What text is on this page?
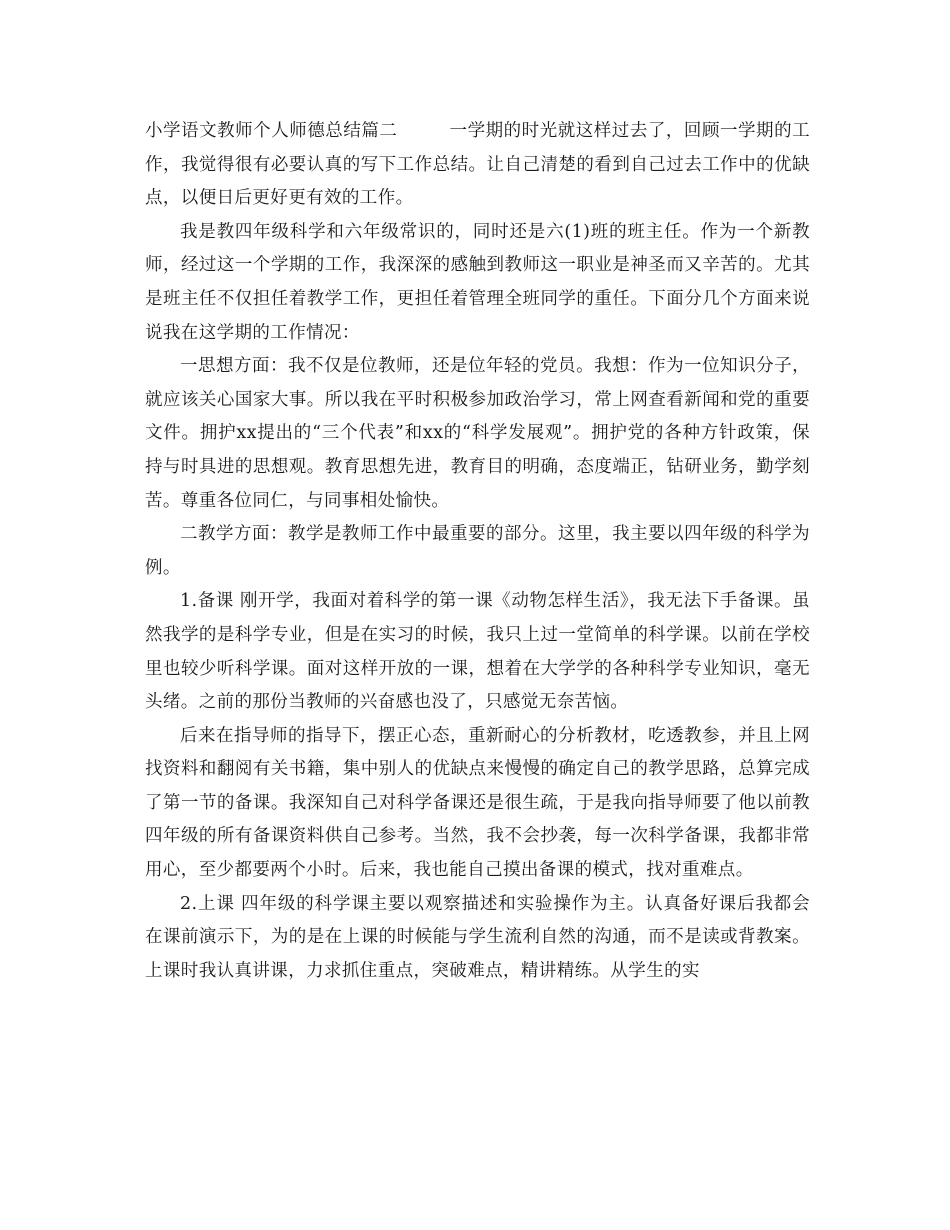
小学语文教师个人师德总结篇二	一学期的时光就这样过去了，回顾一学期的工作，我觉得很有必要认真的写下工作总结。让自己清楚的看到自己过去工作中的优缺点，以便日后更好更有效的工作。

我是教四年级科学和六年级常识的，同时还是六(1)班的班主任。作为一个新教师，经过这一个学期的工作，我深深的感触到教师这一职业是神圣而又辛苦的。尤其是班主任不仅担任着教学工作，更担任着管理全班同学的重任。下面分几个方面来说说我在这学期的工作情况：

一思想方面：我不仅是位教师，还是位年轻的党员。我想：作为一位知识分子，就应该关心国家大事。所以我在平时积极参加政治学习，常上网查看新闻和党的重要文件。拥护xx提出的“三个代表”和xx的“科学发展观”。拥护党的各种方针政策，保持与时具进的思想观。教育思想先进，教育目的明确，态度端正，钻研业务，勤学刻苦。尊重各位同仁，与同事相处愉快。

二教学方面：教学是教师工作中最重要的部分。这里，我主要以四年级的科学为例。

1.备课 刚开学，我面对着科学的第一课《动物怎样生活》，我无法下手备课。虽然我学的是科学专业，但是在实习的时候，我只上过一堂简单的科学课。以前在学校里也较少听科学课。面对这样开放的一课，想着在大学学的各种科学专业知识，毫无头绪。之前的那份当教师的兴奋感也没了，只感觉无奈苦恼。

后来在指导师的指导下，摆正心态，重新耐心的分析教材，吃透教参，并且上网找资料和翻阅有关书籍，集中别人的优缺点来慢慢的确定自己的教学思路，总算完成了第一节的备课。我深知自己对科学备课还是很生疏，于是我向指导师要了他以前教四年级的所有备课资料供自己参考。当然，我不会抄袭，每一次科学备课，我都非常用心，至少都要两个小时。后来，我也能自己摸出备课的模式，找对重难点。

2.上课 四年级的科学课主要以观察描述和实验操作为主。认真备好课后我都会在课前演示下，为的是在上课的时候能与学生流利自然的沟通，而不是读或背教案。上课时我认真讲课，力求抓住重点，突破难点，精讲精练。从学生的实
